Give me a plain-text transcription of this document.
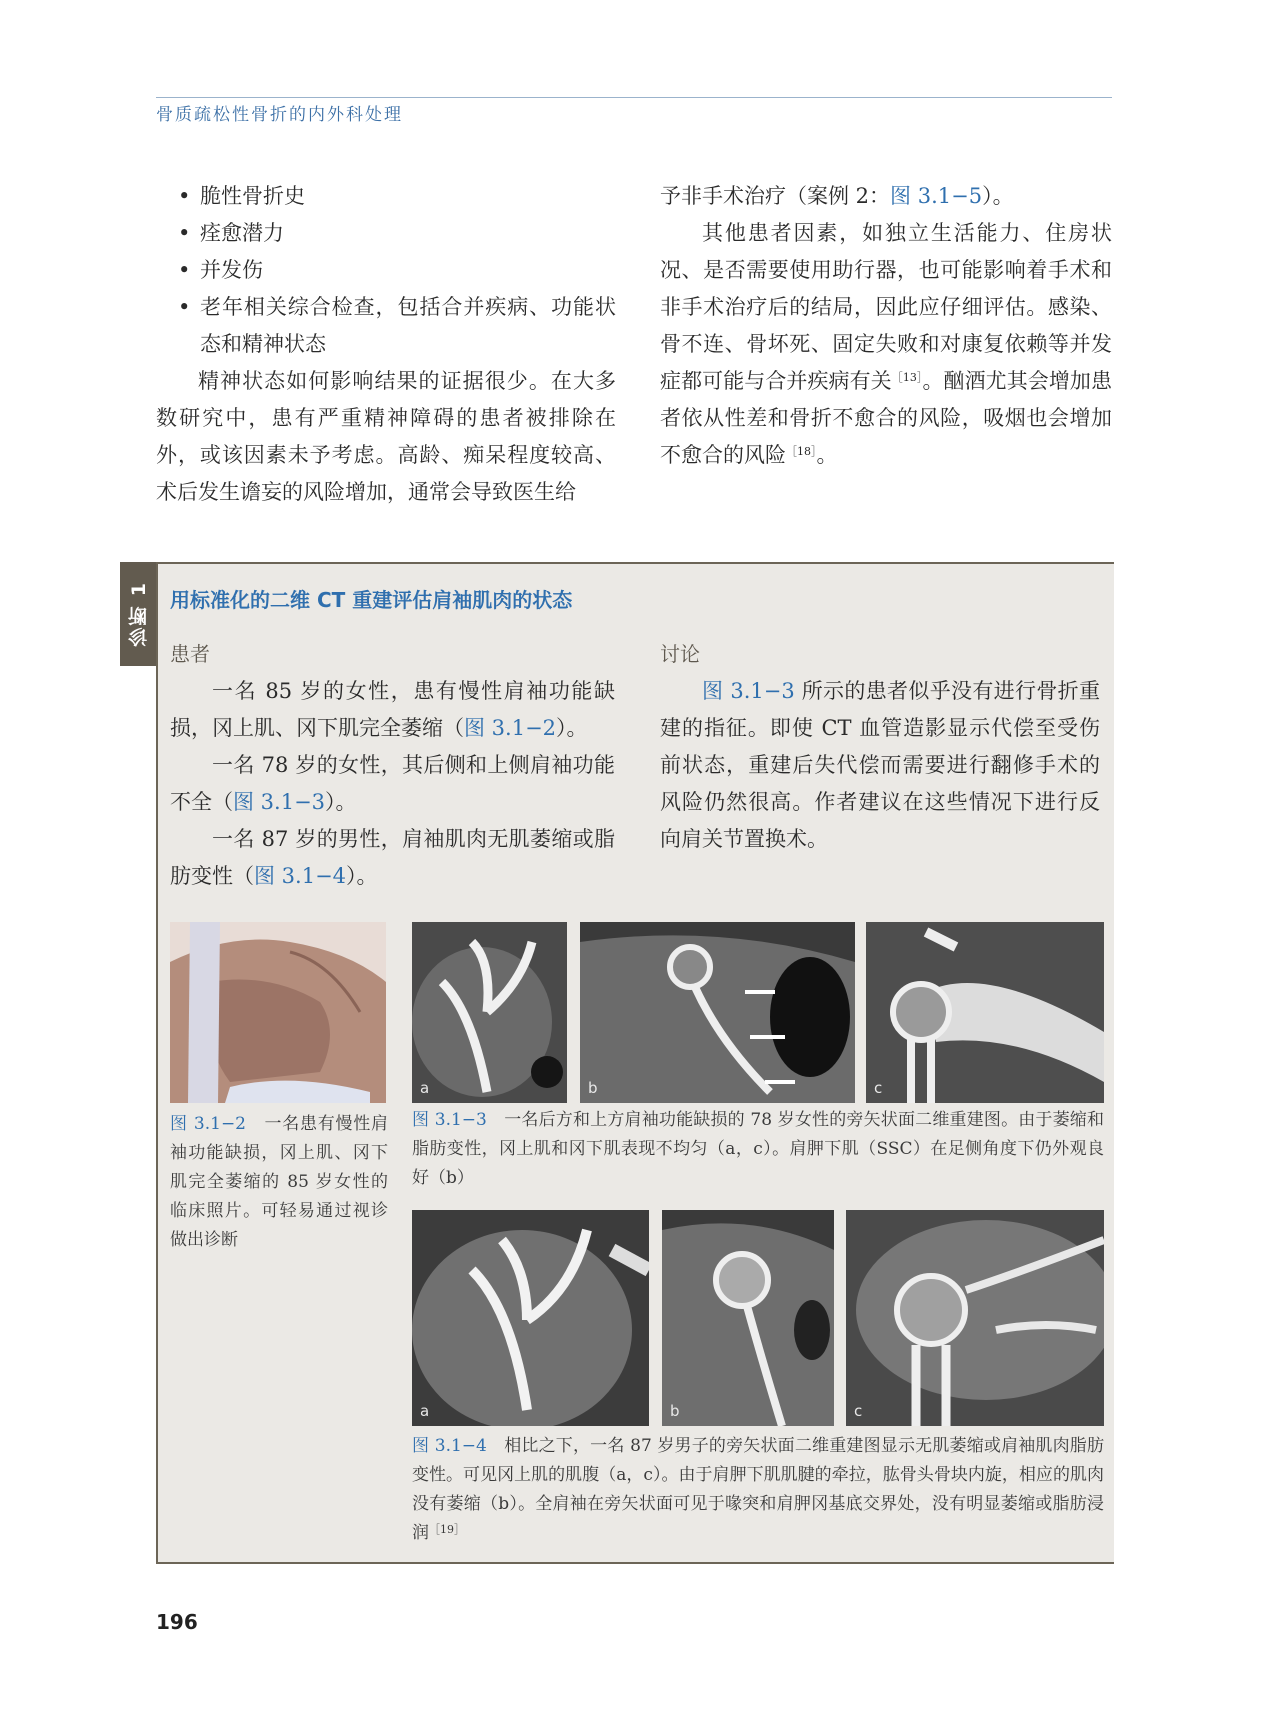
骨质疏松性骨折的内外科处理

• 脆性骨折史

• 痊愈潜力

• 并发伤

• 老年相关综合检查，包括合并疾病、功能状态和精神状态

精神状态如何影响结果的证据很少。在大多数研究中，患有严重精神障碍的患者被排除在外，或该因素未予考虑。高龄、痴呆程度较高、术后发生谵妄的风险增加，通常会导致医生给

予非手术治疗（案例 2：图 3.1−5）。

其他患者因素，如独立生活能力、住房状况、是否需要使用助行器，也可能影响着手术和非手术治疗后的结局，因此应仔细评估。感染、骨不连、骨坏死、固定失败和对康复依赖等并发症都可能与合并疾病有关$^{[13]}$。酗酒尤其会增加患者依从性差和骨折不愈合的风险，吸烟也会增加不愈合的风险$^{[18]}$。

诊断 1 用标准化的二维 CT 重建评估肩袖肌肉的状态
患者	讨论

一名 85 岁的女性，患有慢性肩袖功能缺损，冈上肌、冈下肌完全萎缩（图 3.1−2）。

一名 78 岁的女性，其后侧和上侧肩袖功能不全（图 3.1−3）。

一名 87 岁的男性，肩袖肌肉无肌萎缩或脂肪变性（图 3.1−4）。

图 3.1−3 所示的患者似乎没有进行骨折重建的指征。即使 CT 血管造影显示代偿至受伤前状态，重建后失代偿而需要进行翻修手术的风险仍然很高。作者建议在这些情况下进行反向肩关节置换术。

a	b	c
a	b	c
图 3.1−2　 一名患有慢性肩袖功能缺损，冈上肌、冈下肌完全萎缩的 85 岁女性的临床照片。可轻易通过视诊做出诊断
图 3.1−3　 一名后方和上方肩袖功能缺损的 78 岁女性的旁矢状面二维重建图。由于萎缩和脂肪变性，冈上肌和冈下肌表现不均匀（a，c）。肩胛下肌（SSC）在足侧角度下仍外观良好（b）
图 3.1−4　 相比之下，一名 87 岁男子的旁矢状面二维重建图显示无肌萎缩或肩袖肌肉脂肪变性。可见冈上肌的肌腹（a，c）。由于肩胛下肌肌腱的牵拉，肱骨头骨块内旋，相应的肌肉没有萎缩（b）。全肩袖在旁矢状面可见于喙突和肩胛冈基底交界处，没有明显萎缩或脂肪浸润$^{[19]}$
196
